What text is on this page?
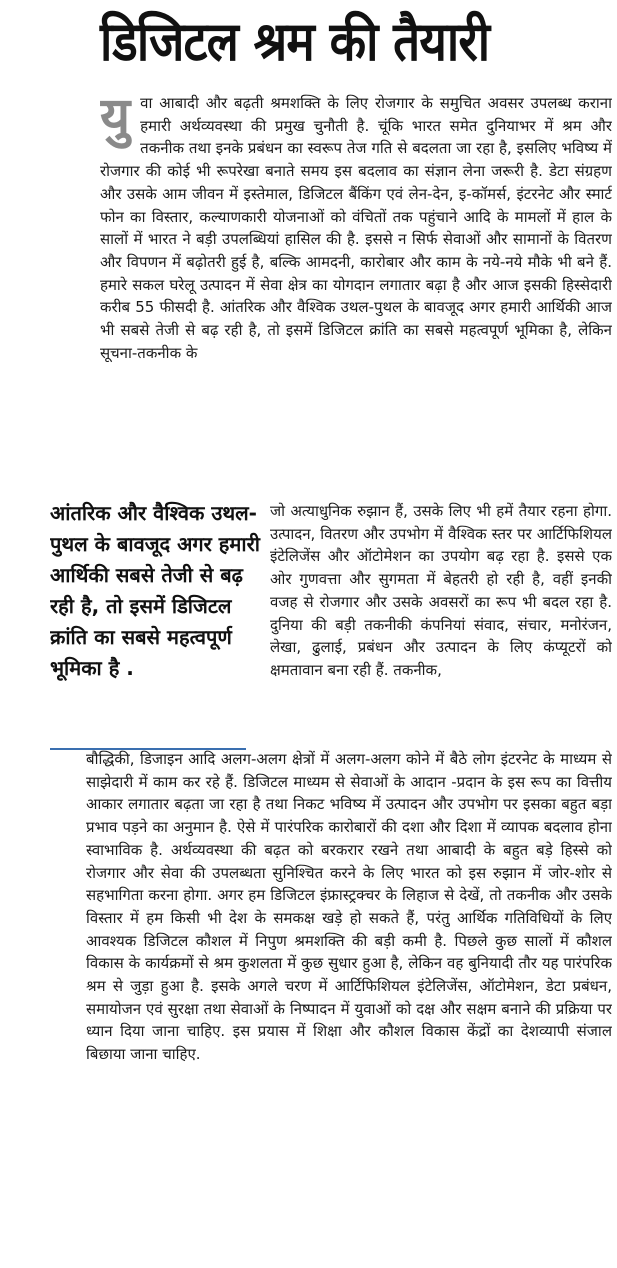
डिजिटल श्रम की तैयारी
यु वा आबादी और बढ़ती श्रमशक्ति के लिए रोजगार के समुचित अवसर उपलब्ध कराना हमारी अर्थव्यवस्था की प्रमुख चुनौती है. चूंकि भारत समेत दुनियाभर में श्रम और तकनीक तथा इनके प्रबंधन का स्वरूप तेज गति से बदलता जा रहा है, इसलिए भविष्य में रोजगार की कोई भी रूपरेखा बनाते समय इस बदलाव का संज्ञान लेना जरूरी है. डेटा संग्रहण और उसके आम जीवन में इस्तेमाल, डिजिटल बैंकिंग एवं लेन-देन, इ-कॉमर्स, इंटरनेट और स्मार्ट फोन का विस्तार, कल्याणकारी योजनाओं को वंचितों तक पहुंचाने आदि के मामलों में हाल के सालों में भारत ने बड़ी उपलब्धियां हासिल की है. इससे न सिर्फ सेवाओं और सामानों के वितरण और विपणन में बढ़ोतरी हुई है, बल्कि आमदनी, कारोबार और काम के नये-नये मौके भी बने हैं. हमारे सकल घरेलू उत्पादन में सेवा क्षेत्र का योगदान लगातार बढ़ा है और आज इसकी हिस्सेदारी करीब 55 फीसदी है. आंतरिक और वैश्विक उथल-पुथल के बावजूद अगर हमारी आर्थिकी आज भी सबसे तेजी से बढ़ रही है, तो इसमें डिजिटल क्रांति का सबसे महत्वपूर्ण भूमिका है, लेकिन सूचना-तकनीक के

आंतरिक और वैश्विक उथल-पुथल के बावजूद अगर हमारी आर्थिकी सबसे तेजी से बढ़ रही है, तो इसमें डिजिटल क्रांति का सबसे महत्वपूर्ण भूमिका है .

जो अत्याधुनिक रुझान हैं, उसके लिए भी हमें तैयार रहना होगा. उत्पादन, वितरण और उपभोग में वैश्विक स्तर पर आर्टिफिशियल इंटेलिजेंस और ऑटोमेशन का उपयोग बढ़ रहा है. इससे एक ओर गुणवत्ता और सुगमता में बेहतरी हो रही है, वहीं इनकी वजह से रोजगार और उसके अवसरों का रूप भी बदल रहा है. दुनिया की बड़ी तकनीकी कंपनियां संवाद, संचार, मनोरंजन, लेखा, ढुलाई, प्रबंधन और उत्पादन के लिए कंप्यूटरों को क्षमतावान बना रही हैं. तकनीक,

बौद्धिकी, डिजाइन आदि अलग-अलग क्षेत्रों में अलग-अलग कोने में बैठे लोग इंटरनेट के माध्यम से साझेदारी में काम कर रहे हैं. डिजिटल माध्यम से सेवाओं के आदान -प्रदान के इस रूप का वित्तीय आकार लगातार बढ़ता जा रहा है तथा निकट भविष्य में उत्पादन और उपभोग पर इसका बहुत बड़ा प्रभाव पड़ने का अनुमान है. ऐसे में पारंपरिक कारोबारों की दशा और दिशा में व्यापक बदलाव होना स्वाभाविक है. अर्थव्यवस्था की बढ़त को बरकरार रखने तथा आबादी के बहुत बड़े हिस्से को रोजगार और सेवा की उपलब्धता सुनिश्चित करने के लिए भारत को इस रुझान में जोर-शोर से सहभागिता करना होगा. अगर हम डिजिटल इंफ्रास्ट्रक्चर के लिहाज से देखें, तो तकनीक और उसके विस्तार में हम किसी भी देश के समकक्ष खड़े हो सकते हैं, परंतु आर्थिक गतिविधियों के लिए आवश्यक डिजिटल कौशल में निपुण श्रमशक्ति की बड़ी कमी है. पिछले कुछ सालों में कौशल विकास के कार्यक्रमों से श्रम कुशलता में कुछ सुधार हुआ है, लेकिन वह बुनियादी तौर यह पारंपरिक श्रम से जुड़ा हुआ है. इसके अगले चरण में आर्टिफिशियल इंटेलिजेंस, ऑटोमेशन, डेटा प्रबंधन, समायोजन एवं सुरक्षा तथा सेवाओं के निष्पादन में युवाओं को दक्ष और सक्षम बनाने की प्रक्रिया पर ध्यान दिया जाना चाहिए. इस प्रयास में शिक्षा और कौशल विकास केंद्रों का देशव्यापी संजाल बिछाया जाना चाहिए.
